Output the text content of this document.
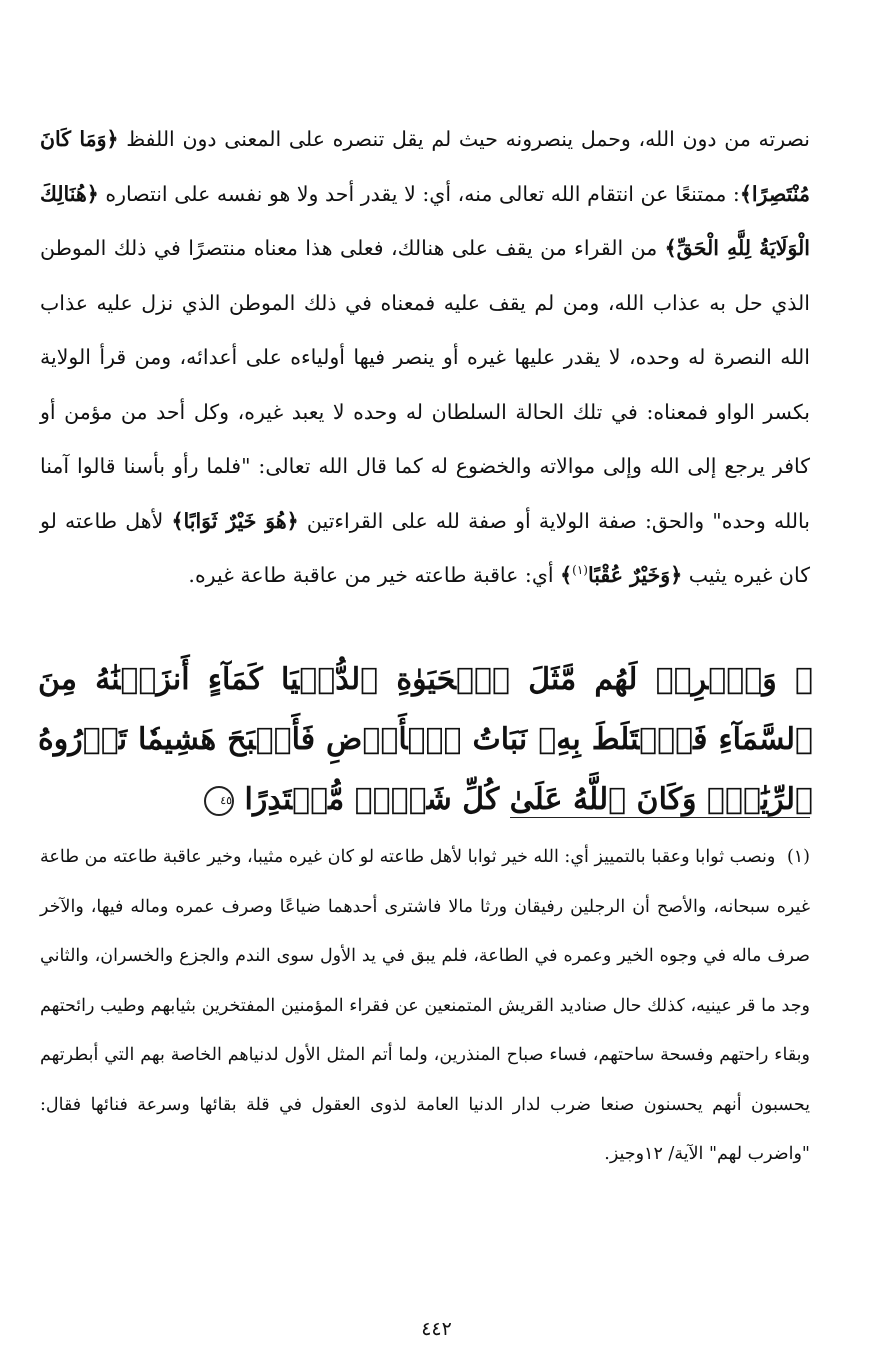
نصرته من دون الله، وحمل ينصرونه حيث لم يقل تنصره على المعنى دون اللفظ ﴿وَمَا كَانَ مُنْتَصِرًا﴾: ممتنعًا عن انتقام الله تعالى منه، أي: لا يقدر أحد ولا هو نفسه على انتصاره ﴿هُنَالِكَ الْوَلَايَةُ لِلَّهِ الْحَقِّ﴾ من القراء من يقف على هنالك، فعلى هذا معناه منتصرًا في ذلك الموطن الذي حل به عذاب الله، ومن لم يقف عليه فمعناه في ذلك الموطن الذي نزل عليه عذاب الله النصرة له وحده، لا يقدر عليها غيره أو ينصر فيها أولياءه على أعدائه، ومن قرأ الولاية بكسر الواو فمعناه: في تلك الحالة السلطان له وحده لا يعبد غيره، وكل أحد من مؤمن أو كافر يرجع إلى الله وإلى موالاته والخضوع له كما قال الله تعالى: "فلما رأو بأسنا قالوا آمنا بالله وحده" والحق: صفة الولاية أو صفة لله على القراءتين ﴿هُوَ خَيْرٌ ثَوَابًا﴾ لأهل طاعته لو كان غيره يثيب ﴿وَخَيْرٌ عُقْبًا$^{(١)}$﴾ أي: عاقبة طاعته خير من عاقبة طاعة غيره.

﴿ وَٱضۡرِبۡ لَهُم مَّثَلَ ٱلۡحَيَوٰةِ ٱلدُّنۡيَا كَمَآءٍ أَنزَلۡنَٰهُ مِنَ ٱلسَّمَآءِ فَٱخۡتَلَطَ بِهِۦ نَبَاتُ ٱلۡأَرۡضِ فَأَصۡبَحَ هَشِيمٗا تَذۡرُوهُ ٱلرِّيَٰحُۗ وَكَانَ ٱللَّهُ عَلَىٰ كُلِّ شَيۡءٖ مُّقۡتَدِرًا ٤٥
(١) ونصب ثوابا وعقبا بالتمييز أي: الله خير ثوابا لأهل طاعته لو كان غيره مثيبا، وخير عاقبة طاعته من طاعة غيره سبحانه، والأصح أن الرجلين رفيقان ورثا مالا فاشترى أحدهما ضياعًا وصرف عمره وماله فيها، والآخر صرف ماله في وجوه الخير وعمره في الطاعة، فلم يبق في يد الأول سوى الندم والجزع والخسران، والثاني وجد ما قر عينيه، كذلك حال صناديد القريش المتمنعين عن فقراء المؤمنين المفتخرين بثيابهم وطيب رائحتهم وبقاء راحتهم وفسحة ساحتهم، فساء صباح المنذرين، ولما أتم المثل الأول لدنياهم الخاصة بهم التي أبطرتهم يحسبون أنهم يحسنون صنعا ضرب لدار الدنيا العامة لذوى العقول في قلة بقائها وسرعة فنائها فقال: "واضرب لهم" الآية/ ١٢وجيز.
٤٤٢
